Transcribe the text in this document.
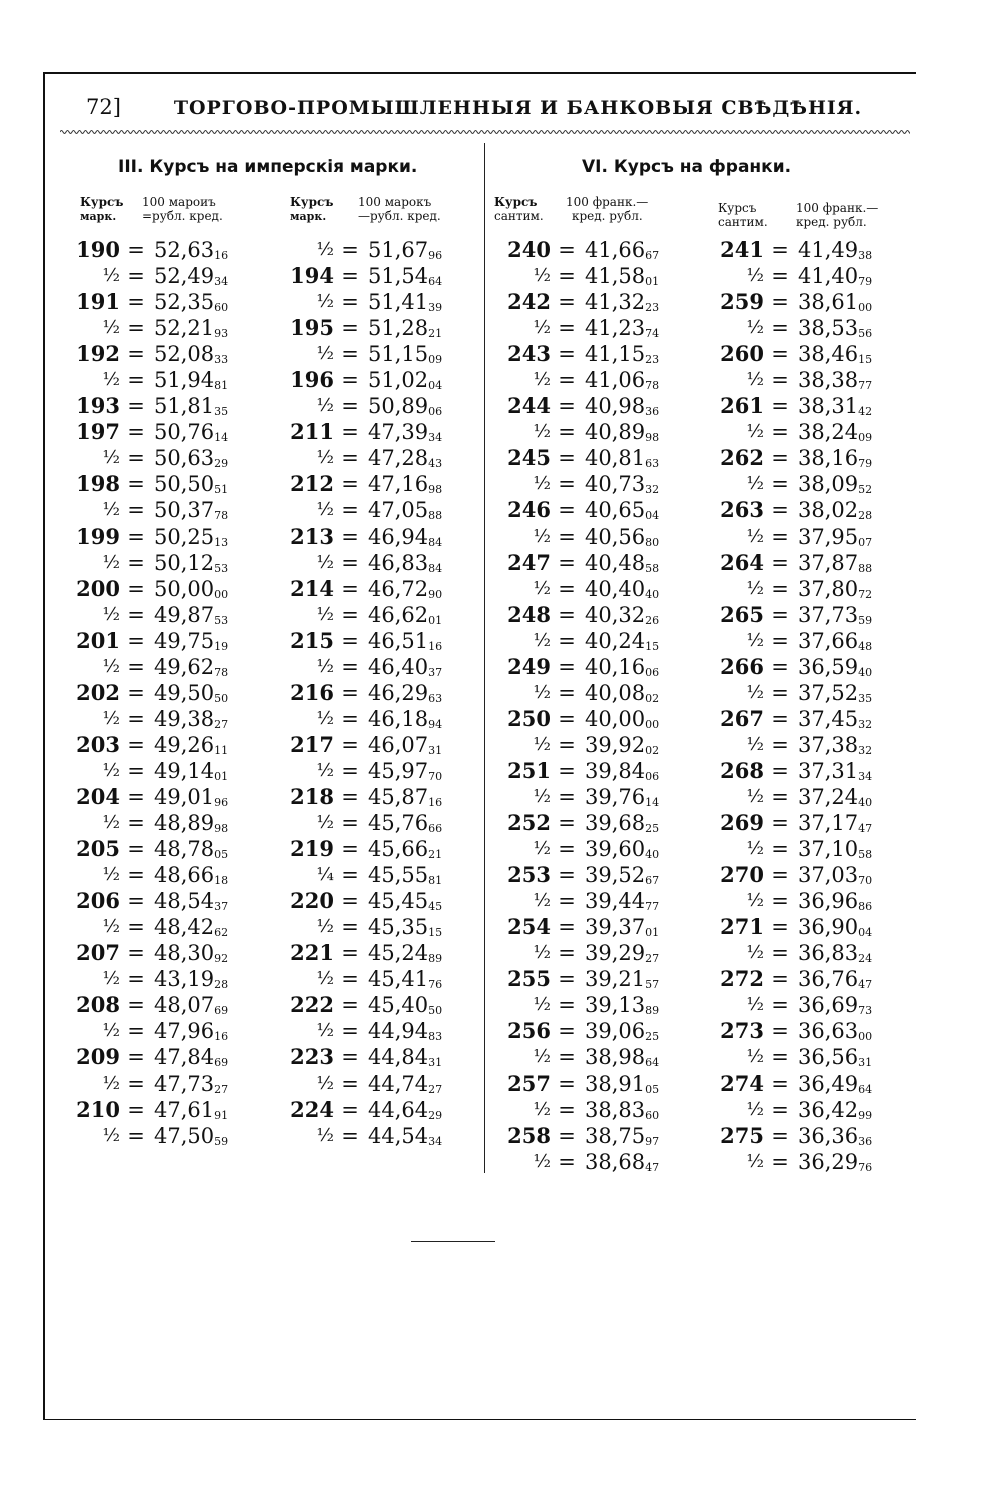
72]	ТОРГОВО-ПРОМЫШЛЕННЫЯ И БАНКОВЫЯ СВѢДѢНІЯ.
III. Курсъ на имперскія марки.	VI. Курсъ на франки.
Курсъ
марк.
100 мароиъ
=рубл. кред.
Курсъ
марк.
100 марокъ
—рубл. кред.
Курсъ
сантим.
100 франк.—
кред. рубл.
Курсъ
сантим.
100 франк.—
кред. рубл.
$190 = 52,63_{16}$
½ = $52,49_{34}$
$191 = 52,35_{60}$
½ = $52,21_{93}$
$192 = 52,08_{33}$
½ = $51,94_{81}$
$193 = 51,81_{35}$
$197 = 50,76_{14}$
½ = $50,63_{29}$
$198 = 50,50_{51}$
½ = $50,37_{78}$
$199 = 50,25_{13}$
½ = $50,12_{53}$
$200 = 50,00_{00}$
½ = $49,87_{53}$
$201 = 49,75_{19}$
½ = $49,62_{78}$
$202 = 49,50_{50}$
½ = $49,38_{27}$
$203 = 49,26_{11}$
½ = $49,14_{01}$
$204 = 49,01_{96}$
½ = $48,89_{98}$
$205 = 48,78_{05}$
½ = $48,66_{18}$
$206 = 48,54_{37}$
½ = $48,42_{62}$
$207 = 48,30_{92}$
½ = $43,19_{28}$
$208 = 48,07_{69}$
½ = $47,96_{16}$
$209 = 47,84_{69}$
½ = $47,73_{27}$
$210 = 47,61_{91}$
½ = $47,50_{59}$
½ = $51,67_{96}$
$194 = 51,54_{64}$
½ = $51,41_{39}$
$195 = 51,28_{21}$
½ = $51,15_{09}$
$196 = 51,02_{04}$
½ = $50,89_{06}$
$211 = 47,39_{34}$
½ = $47,28_{43}$
$212 = 47,16_{98}$
½ = $47,05_{88}$
$213 = 46,94_{84}$
½ = $46,83_{84}$
$214 = 46,72_{90}$
½ = $46,62_{01}$
$215 = 46,51_{16}$
½ = $46,40_{37}$
$216 = 46,29_{63}$
½ = $46,18_{94}$
$217 = 46,07_{31}$
½ = $45,97_{70}$
$218 = 45,87_{16}$
½ = $45,76_{66}$
$219 = 45,66_{21}$
¼ = $45,55_{81}$
$220 = 45,45_{45}$
½ = $45,35_{15}$
$221 = 45,24_{89}$
½ = $45,41_{76}$
$222 = 45,40_{50}$
½ = $44,94_{83}$
$223 = 44,84_{31}$
½ = $44,74_{27}$
$224 = 44,64_{29}$
½ = $44,54_{34}$
$240 = 41,66_{67}$
½ = $41,58_{01}$
$242 = 41,32_{23}$
½ = $41,23_{74}$
$243 = 41,15_{23}$
½ = $41,06_{78}$
$244 = 40,98_{36}$
½ = $40,89_{98}$
$245 = 40,81_{63}$
½ = $40,73_{32}$
$246 = 40,65_{04}$
½ = $40,56_{80}$
$247 = 40,48_{58}$
½ = $40,40_{40}$
$248 = 40,32_{26}$
½ = $40,24_{15}$
$249 = 40,16_{06}$
½ = $40,08_{02}$
$250 = 40,00_{00}$
½ = $39,92_{02}$
$251 = 39,84_{06}$
½ = $39,76_{14}$
$252 = 39,68_{25}$
½ = $39,60_{40}$
$253 = 39,52_{67}$
½ = $39,44_{77}$
$254 = 39,37_{01}$
½ = $39,29_{27}$
$255 = 39,21_{57}$
½ = $39,13_{89}$
$256 = 39,06_{25}$
½ = $38,98_{64}$
$257 = 38,91_{05}$
½ = $38,83_{60}$
$258 = 38,75_{97}$
½ = $38,68_{47}$
$241 = 41,49_{38}$
½ = $41,40_{79}$
$259 = 38,61_{00}$
½ = $38,53_{56}$
$260 = 38,46_{15}$
½ = $38,38_{77}$
$261 = 38,31_{42}$
½ = $38,24_{09}$
$262 = 38,16_{79}$
½ = $38,09_{52}$
$263 = 38,02_{28}$
½ = $37,95_{07}$
$264 = 37,87_{88}$
½ = $37,80_{72}$
$265 = 37,73_{59}$
½ = $37,66_{48}$
$266 = 36,59_{40}$
½ = $37,52_{35}$
$267 = 37,45_{32}$
½ = $37,38_{32}$
$268 = 37,31_{34}$
½ = $37,24_{40}$
$269 = 37,17_{47}$
½ = $37,10_{58}$
$270 = 37,03_{70}$
½ = $36,96_{86}$
$271 = 36,90_{04}$
½ = $36,83_{24}$
$272 = 36,76_{47}$
½ = $36,69_{73}$
$273 = 36,63_{00}$
½ = $36,56_{31}$
$274 = 36,49_{64}$
½ = $36,42_{99}$
$275 = 36,36_{36}$
½ = $36,29_{76}$
